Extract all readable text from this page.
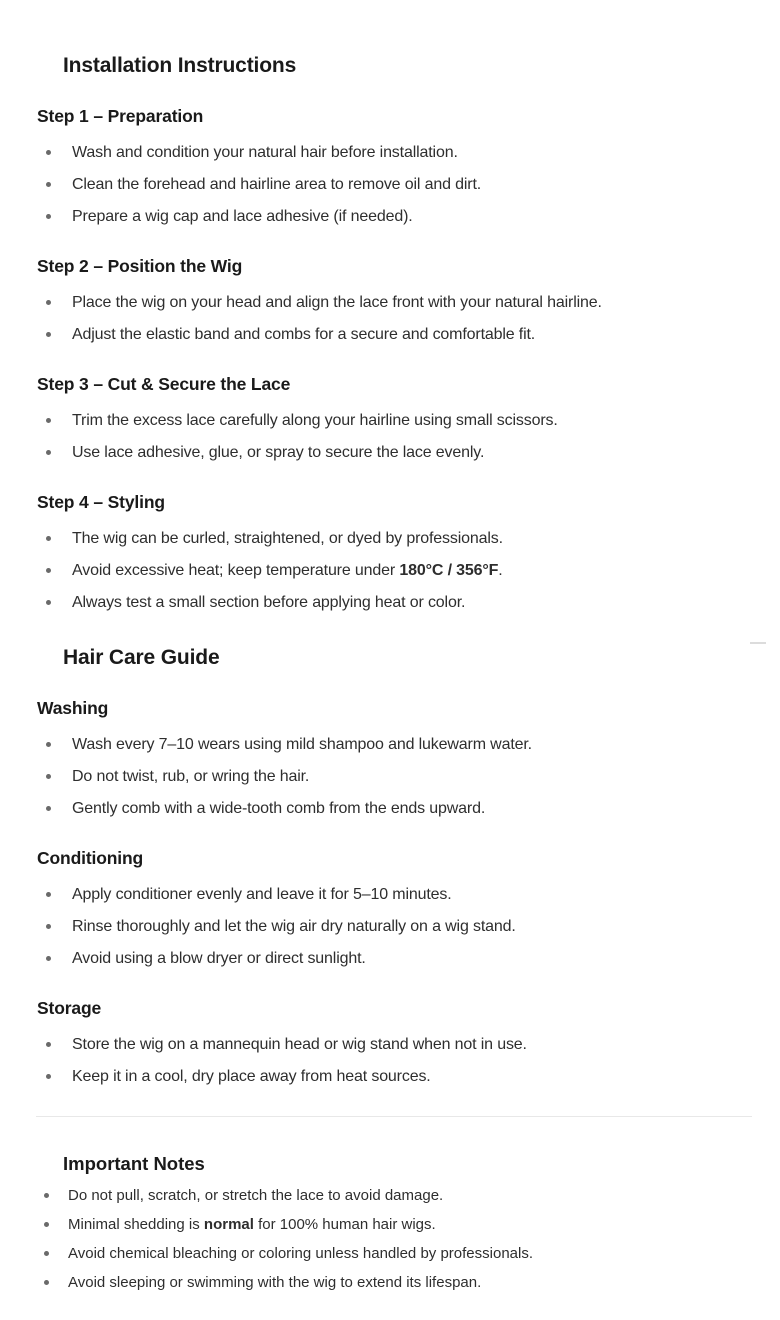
Installation Instructions
Step 1 – Preparation
Wash and condition your natural hair before installation.
Clean the forehead and hairline area to remove oil and dirt.
Prepare a wig cap and lace adhesive (if needed).
Step 2 – Position the Wig
Place the wig on your head and align the lace front with your natural hairline.
Adjust the elastic band and combs for a secure and comfortable fit.
Step 3 – Cut & Secure the Lace
Trim the excess lace carefully along your hairline using small scissors.
Use lace adhesive, glue, or spray to secure the lace evenly.
Step 4 – Styling
The wig can be curled, straightened, or dyed by professionals.
Avoid excessive heat; keep temperature under 180°C / 356°F.
Always test a small section before applying heat or color.
Hair Care Guide
Washing
Wash every 7–10 wears using mild shampoo and lukewarm water.
Do not twist, rub, or wring the hair.
Gently comb with a wide-tooth comb from the ends upward.
Conditioning
Apply conditioner evenly and leave it for 5–10 minutes.
Rinse thoroughly and let the wig air dry naturally on a wig stand.
Avoid using a blow dryer or direct sunlight.
Storage
Store the wig on a mannequin head or wig stand when not in use.
Keep it in a cool, dry place away from heat sources.
Important Notes
Do not pull, scratch, or stretch the lace to avoid damage.
Minimal shedding is normal for 100% human hair wigs.
Avoid chemical bleaching or coloring unless handled by professionals.
Avoid sleeping or swimming with the wig to extend its lifespan.
